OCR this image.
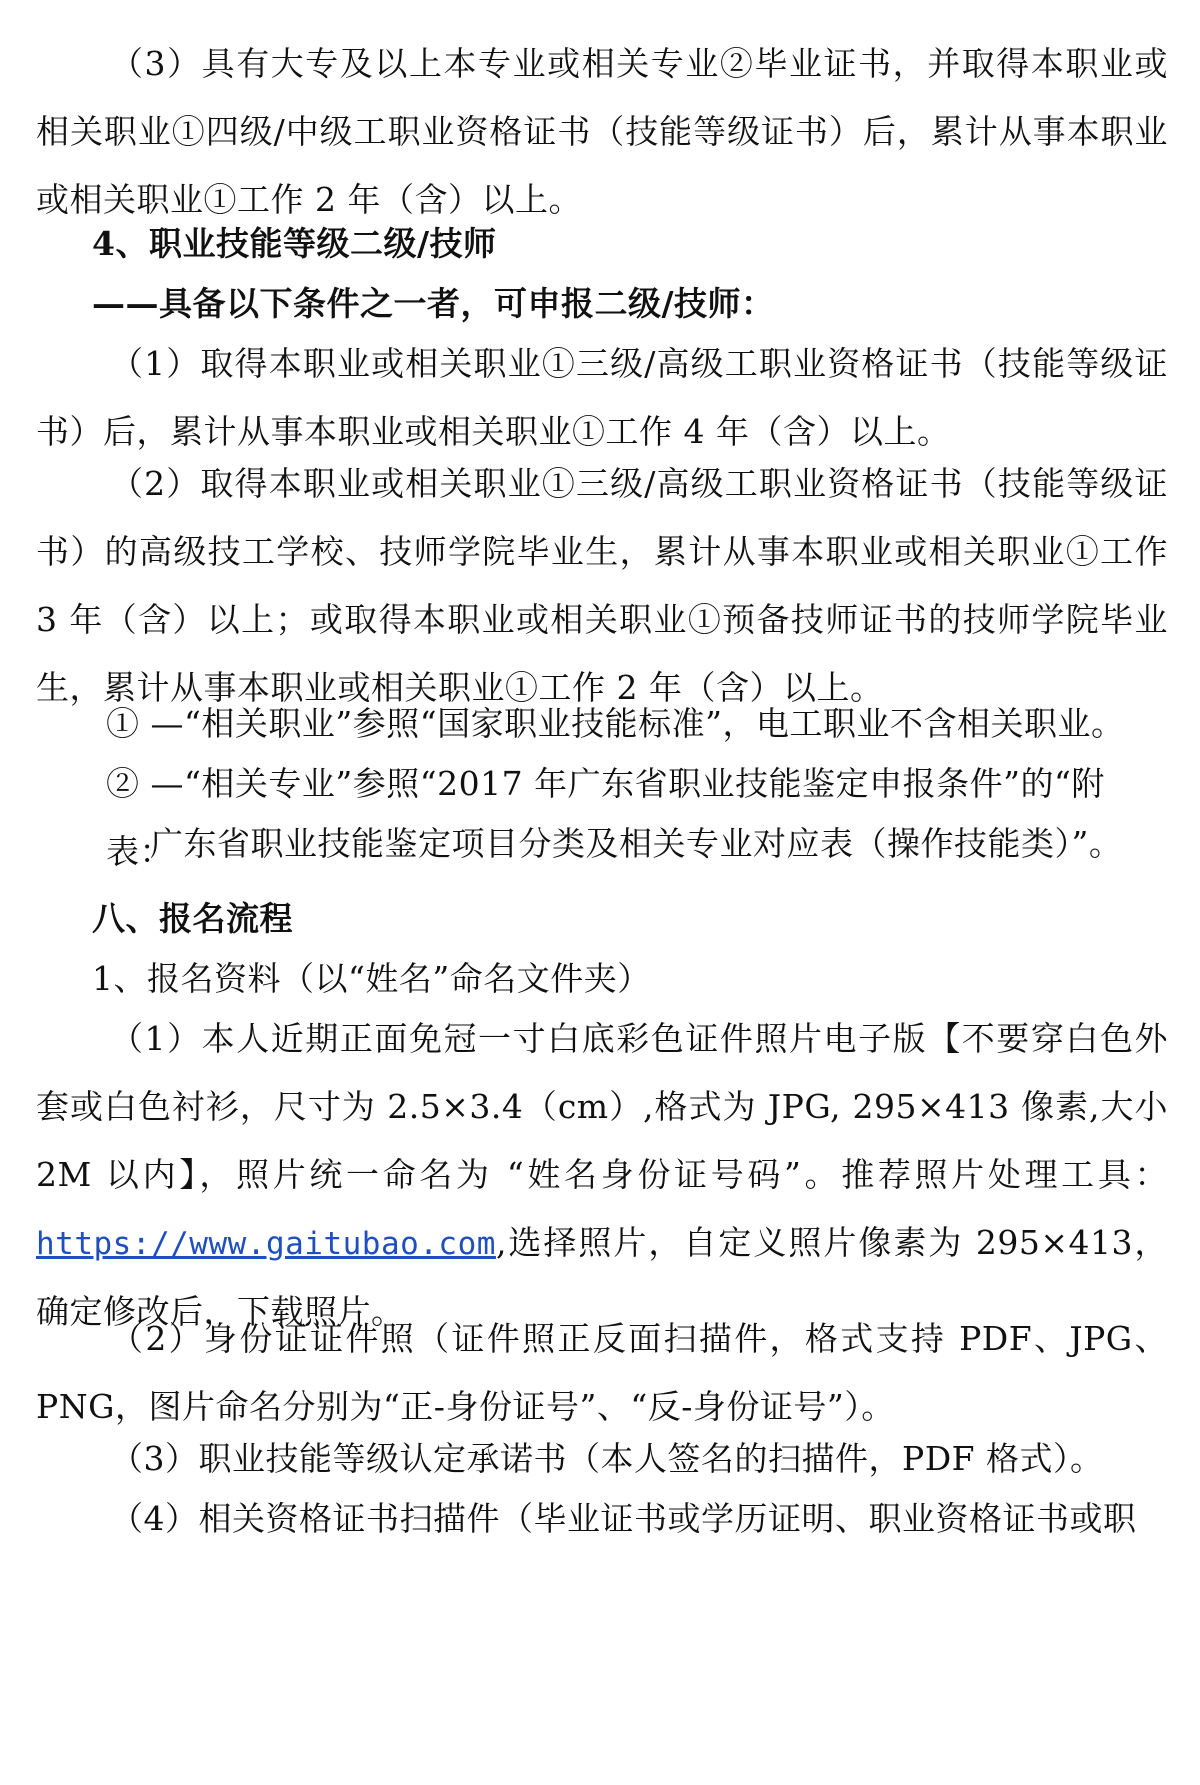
（3）具有大专及以上本专业或相关专业②毕业证书，并取得本职业或相关职业①四级/中级工职业资格证书（技能等级证书）后，累计从事本职业或相关职业①工作 2 年（含）以上。

4、职业技能等级二级/技师

——具备以下条件之一者，可申报二级/技师：

（1）取得本职业或相关职业①三级/高级工职业资格证书（技能等级证书）后，累计从事本职业或相关职业①工作 4 年（含）以上。

（2）取得本职业或相关职业①三级/高级工职业资格证书（技能等级证书）的高级技工学校、技师学院毕业生，累计从事本职业或相关职业①工作 3 年（含）以上；或取得本职业或相关职业①预备技师证书的技师学院毕业生，累计从事本职业或相关职业①工作 2 年（含）以上。

① —“相关职业”参照“国家职业技能标准”，电工职业不含相关职业。

② —“相关专业”参照“2017 年广东省职业技能鉴定申报条件”的“附表：

广东省职业技能鉴定项目分类及相关专业对应表（操作技能类）”。

八、报名流程

1、报名资料（以“姓名”命名文件夹）

（1）本人近期正面免冠一寸白底彩色证件照片电子版【不要穿白色外套或白色衬衫，尺寸为 2.5×3.4（cm）,格式为 JPG, 295×413 像素,大小 2M 以内】，照片统一命名为 “姓名身份证号码”。推荐照片处理工具：https://www.gaitubao.com,选择照片，自定义照片像素为 295×413，确定修改后，下载照片。

（2）身份证证件照（证件照正反面扫描件，格式支持 PDF、JPG、PNG，图片命名分别为“正-身份证号”、“反-身份证号”）。

（3）职业技能等级认定承诺书（本人签名的扫描件，PDF 格式）。

（4）相关资格证书扫描件（毕业证书或学历证明、职业资格证书或职
